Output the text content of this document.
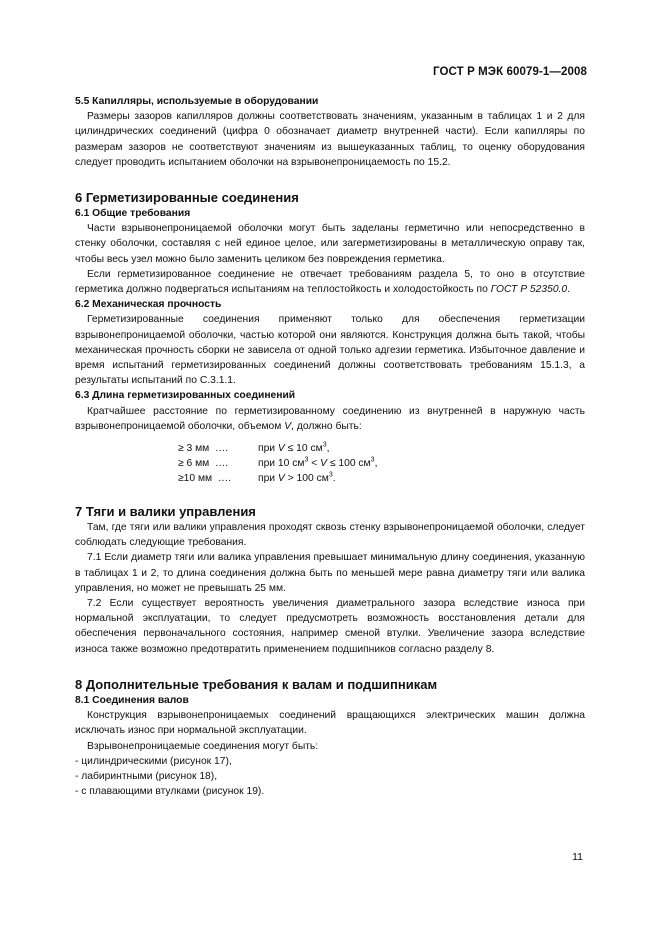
ГОСТ Р МЭК 60079-1—2008

5.5 Капилляры, используемые в оборудовании

Размеры зазоров капилляров должны соответствовать значениям, указанным в таблицах 1 и 2 для цилиндрических соединений (цифра 0 обозначает диаметр внутренней части). Если капилляры по размерам зазоров не соответствуют значениям из вышеуказанных таблиц, то оценку оборудования следует проводить испытанием оболочки на взрывонепроницаемость по 15.2.

6 Герметизированные соединения

6.1 Общие требования

Части взрывонепроницаемой оболочки могут быть заделаны герметично или непосредственно в стенку оболочки, составляя с ней единое целое, или загерметизированы в металлическую оправу так, чтобы весь узел можно было заменить целиком без повреждения герметика.

Если герметизированное соединение не отвечает требованиям раздела 5, то оно в отсутствие герметика должно подвергаться испытаниям на теплостойкость и холодостойкость по ГОСТ Р 52350.0.

6.2 Механическая прочность

Герметизированные соединения применяют только для обеспечения герметизации взрывонепроницаемой оболочки, частью которой они являются. Конструкция должна быть такой, чтобы механическая прочность сборки не зависела от одной только адгезии герметика. Избыточное давление и время испытаний герметизированных соединений должны соответствовать требованиям 15.1.3, а результаты испытаний по С.3.1.1.

6.3 Длина герметизированных соединений

Кратчайшее расстояние по герметизированному соединению из внутренней в наружную часть взрывонепроницаемой оболочки, объемом V, должно быть:

≥ 3 мм  ….	при V ≤ 10 $см^3$,
≥ 6 мм  ….	при 10 $см^3 < V \le 100$ $см^3$,
≥10 мм  ….	при V > 100 $см^3$.

7 Тяги и валики управления

Там, где тяги или валики управления проходят сквозь стенку взрывонепроницаемой оболочки, следует соблюдать следующие требования.

7.1 Если диаметр тяги или валика управления превышает минимальную длину соединения, указанную в таблицах 1 и 2, то длина соединения должна быть по меньшей мере равна диаметру тяги или валика управления, но может не превышать 25 мм.

7.2 Если существует вероятность увеличения диаметрального зазора вследствие износа при нормальной эксплуатации, то следует предусмотреть возможность восстановления детали для обеспечения первоначального состояния, например сменой втулки. Увеличение зазора вследствие износа также возможно предотвратить применением подшипников согласно разделу 8.

8 Дополнительные требования к валам и подшипникам

8.1 Соединения валов

Конструкция взрывонепроницаемых соединений вращающихся электрических машин должна исключать износ при нормальной эксплуатации.

Взрывонепроницаемые соединения могут быть:

- цилиндрическими (рисунок 17),
- лабиринтными (рисунок 18),
- с плавающими втулками (рисунок 19).
11
